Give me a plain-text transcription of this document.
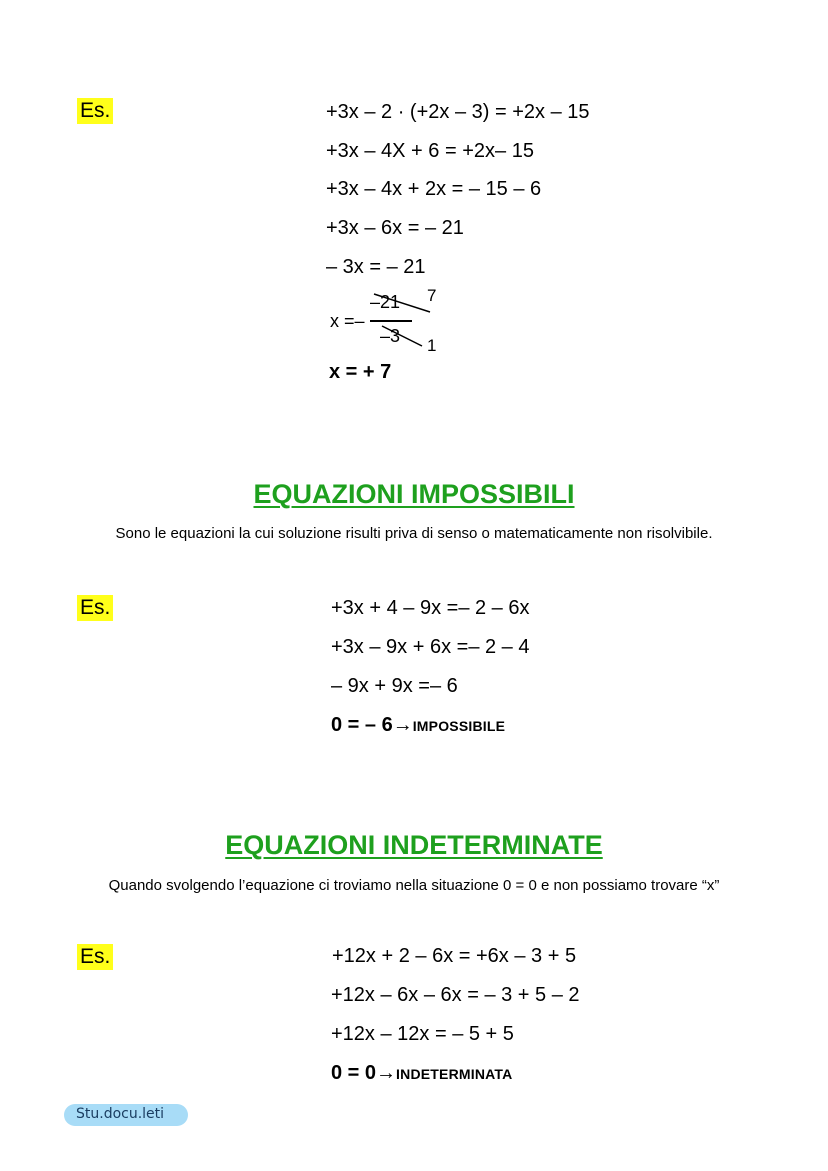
Es.	+3x – 2 · (+2x – 3) = +2x – 15
+3x – 4X + 6 = +2x– 15
+3x – 4x + 2x = – 15 – 6
+3x – 6x = – 21
– 3x = – 21
x =–
–21
–3
7
1
x = + 7
EQUAZIONI IMPOSSIBILI
Sono le equazioni la cui soluzione risulti priva di senso o matematicamente non risolvibile.
Es.	+3x + 4 – 9x =– 2 – 6x
+3x – 9x + 6x =– 2 – 4
– 9x + 9x =– 6
0 = – 6→IMPOSSIBILE
EQUAZIONI INDETERMINATE
Quando svolgendo l’equazione ci troviamo nella situazione 0 = 0 e non possiamo trovare “x”
Es.	+12x + 2 – 6x = +6x – 3 + 5
+12x – 6x – 6x = – 3 + 5 – 2
+12x – 12x = – 5 + 5
0 = 0→INDETERMINATA
Stu.docu.leti
